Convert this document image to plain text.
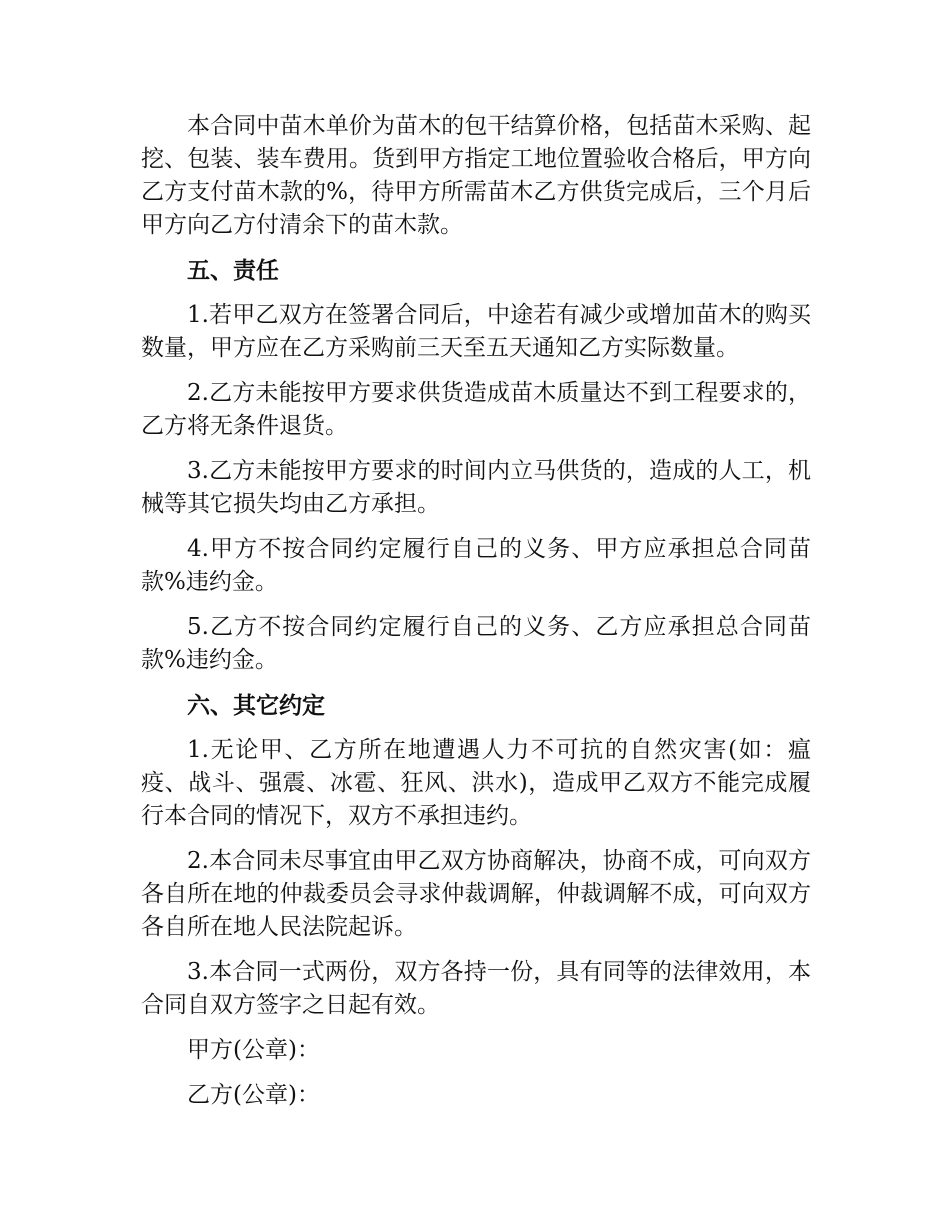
本合同中苗木单价为苗木的包干结算价格，包括苗木采购、起挖、包装、装车费用。货到甲方指定工地位置验收合格后，甲方向乙方支付苗木款的%，待甲方所需苗木乙方供货完成后，三个月后甲方向乙方付清余下的苗木款。

五、责任

1.若甲乙双方在签署合同后，中途若有减少或增加苗木的购买数量，甲方应在乙方采购前三天至五天通知乙方实际数量。

2.乙方未能按甲方要求供货造成苗木质量达不到工程要求的，乙方将无条件退货。

3.乙方未能按甲方要求的时间内立马供货的，造成的人工，机械等其它损失均由乙方承担。

4.甲方不按合同约定履行自己的义务、甲方应承担总合同苗款%违约金。

5.乙方不按合同约定履行自己的义务、乙方应承担总合同苗款%违约金。

六、其它约定

1.无论甲、乙方所在地遭遇人力不可抗的自然灾害(如：瘟疫、战斗、强震、冰雹、狂风、洪水)，造成甲乙双方不能完成履行本合同的情况下，双方不承担违约。

2.本合同未尽事宜由甲乙双方协商解决，协商不成，可向双方各自所在地的仲裁委员会寻求仲裁调解，仲裁调解不成，可向双方各自所在地人民法院起诉。

3.本合同一式两份，双方各持一份，具有同等的法律效用，本合同自双方签字之日起有效。

甲方(公章)：

乙方(公章)：
